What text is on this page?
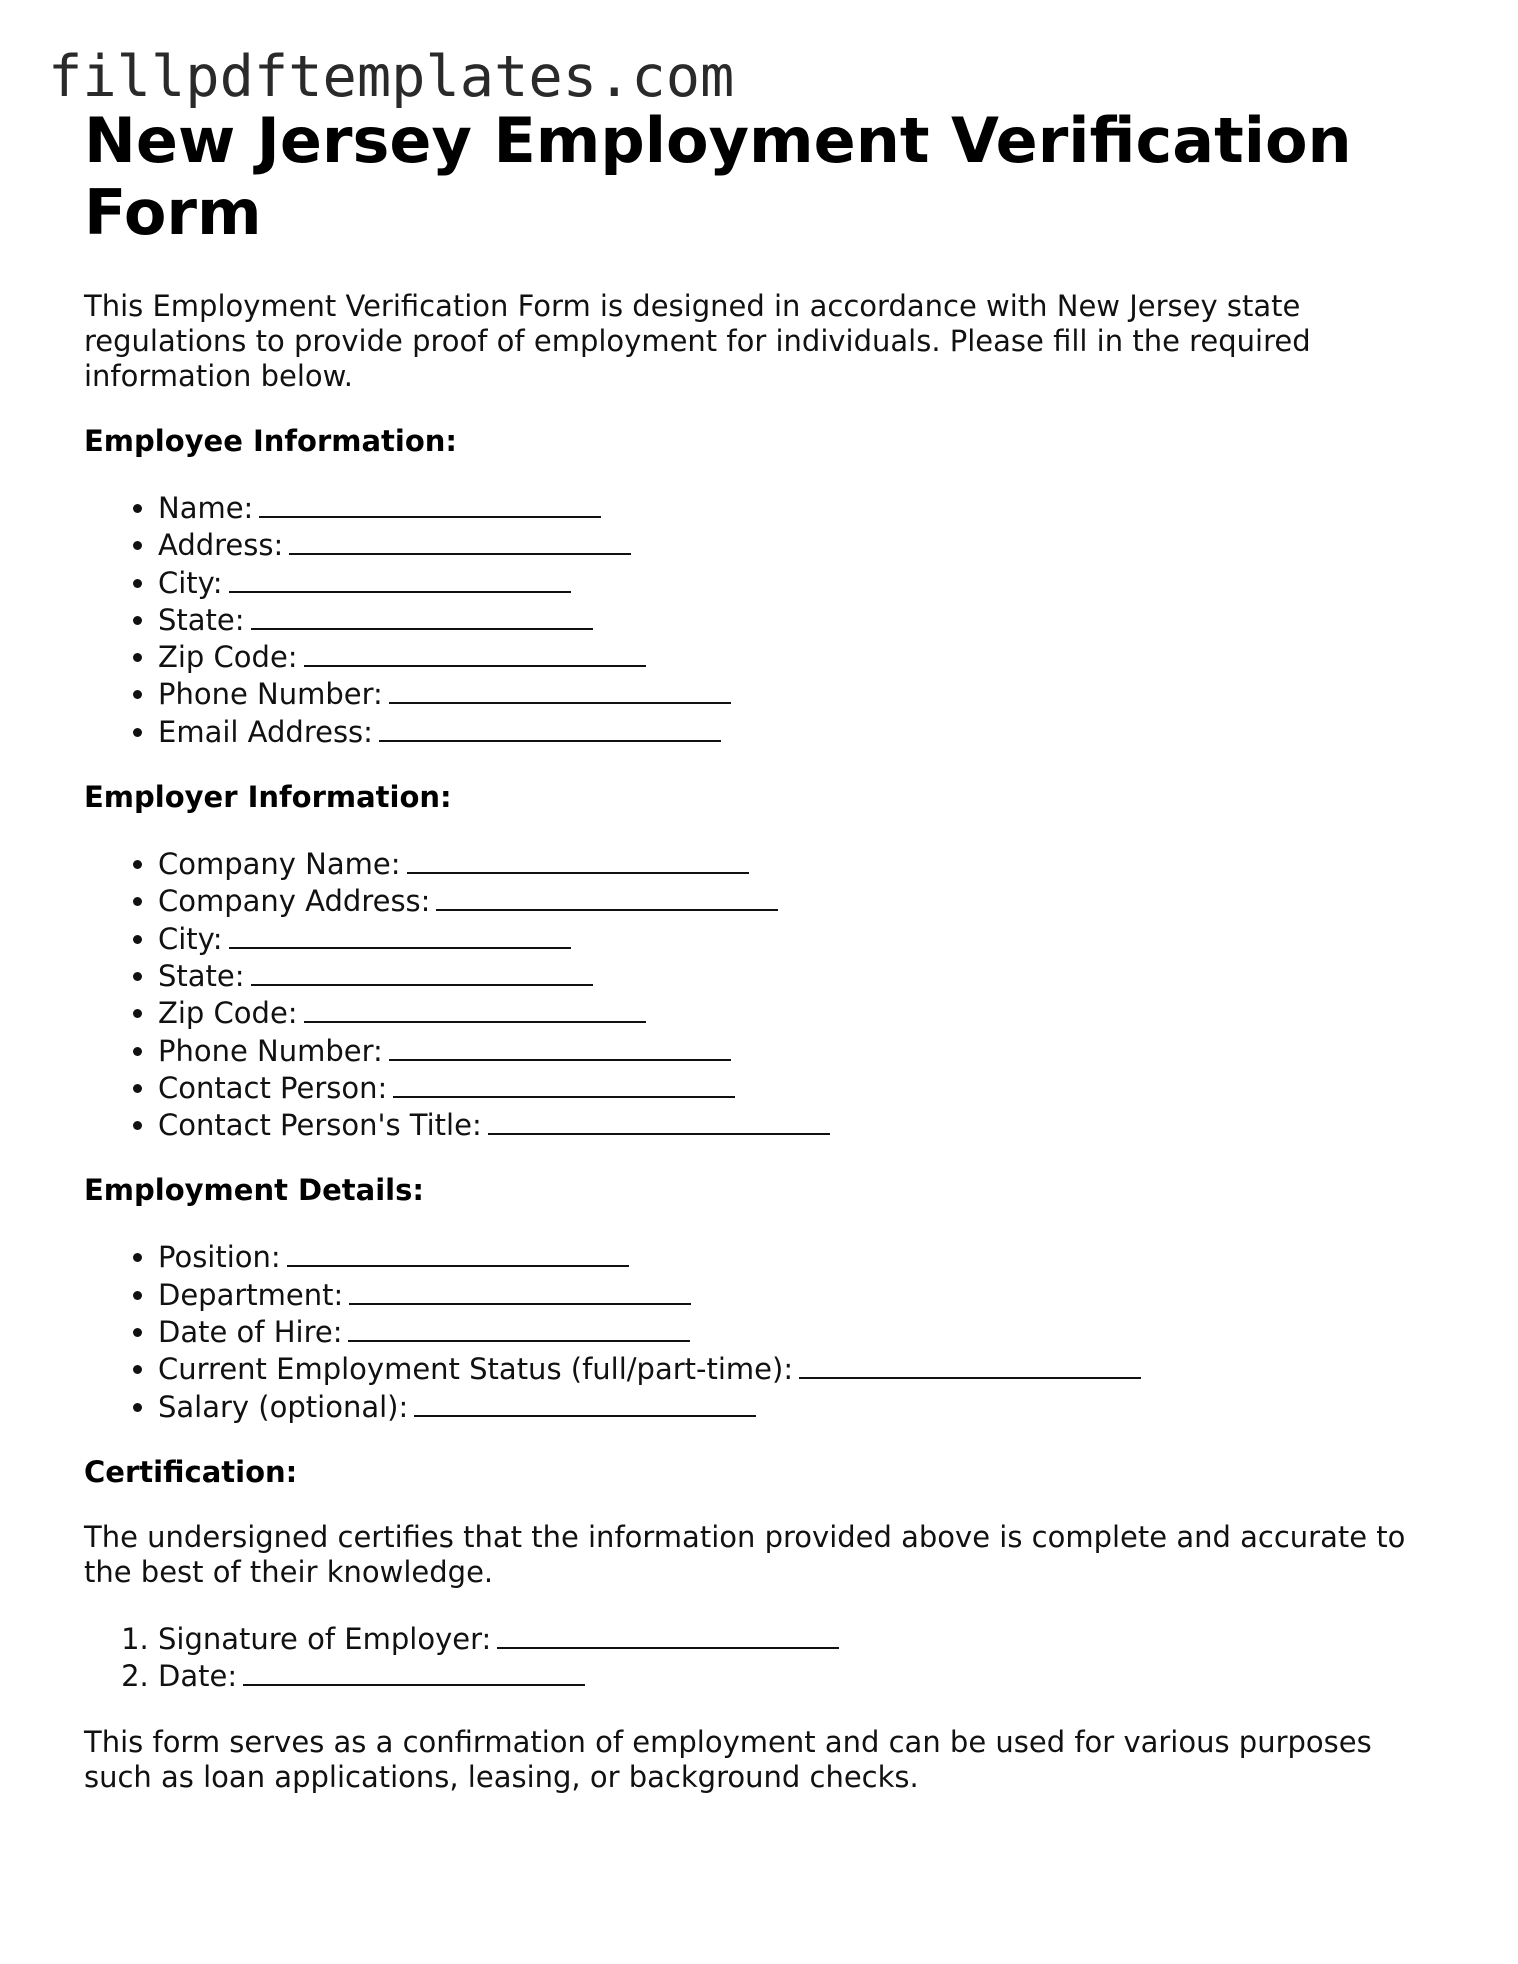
fillpdftemplates.com
New Jersey Employment Verification Form

This Employment Verification Form is designed in accordance with New Jersey state regulations to provide proof of employment for individuals. Please fill in the required information below.

Employee Information:

• Name:
• Address:
• City:
• State:
• Zip Code:
• Phone Number:
• Email Address:

Employer Information:

• Company Name:
• Company Address:
• City:
• State:
• Zip Code:
• Phone Number:
• Contact Person:
• Contact Person's Title:

Employment Details:

• Position:
• Department:
• Date of Hire:
• Current Employment Status (full/part-time):
• Salary (optional):

Certification:

The undersigned certifies that the information provided above is complete and accurate to the best of their knowledge.

1. Signature of Employer:
2. Date:

This form serves as a confirmation of employment and can be used for various purposes such as loan applications, leasing, or background checks.
